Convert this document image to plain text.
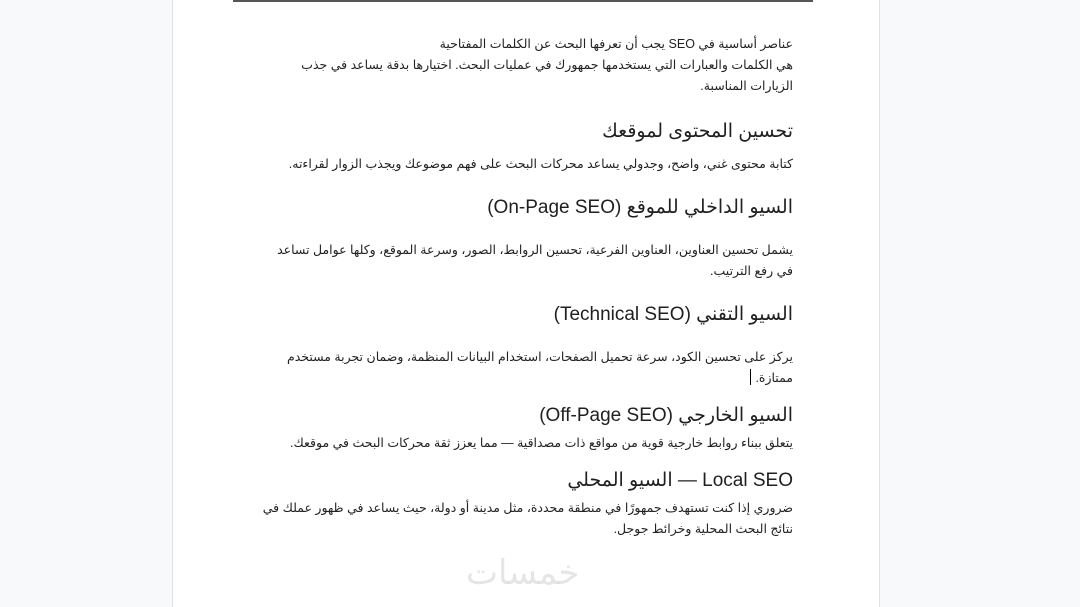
عناصر أساسية في SEO يجب أن تعرفها البحث عن الكلمات المفتاحية
هي الكلمات والعبارات التي يستخدمها جمهورك في عمليات البحث. اختيارها بدقة يساعد في جذب الزيارات المناسبة.

تحسين المحتوى لموقعك

كتابة محتوى غني، واضح، وجدولي يساعد محركات البحث على فهم موضوعك ويجذب الزوار لقراءته.

السيو الداخلي للموقع (On-Page SEO)

يشمل تحسين العناوين، العناوين الفرعية، تحسين الروابط، الصور، وسرعة الموقع، وكلها عوامل تساعد في رفع الترتيب.

السيو التقني (Technical SEO)

يركز على تحسين الكود، سرعة تحميل الصفحات، استخدام البيانات المنظمة، وضمان تجربة مستخدم ممتازة.

السيو الخارجي (Off-Page SEO)

يتعلق ببناء روابط خارجية قوية من مواقع ذات مصداقية — مما يعزز ثقة محركات البحث في موقعك.

Local SEO — السيو المحلي

ضروري إذا كنت تستهدف جمهورًا في منطقة محددة، مثل مدينة أو دولة، حيث يساعد في ظهور عملك في نتائج البحث المحلية وخرائط جوجل.

خمسات
